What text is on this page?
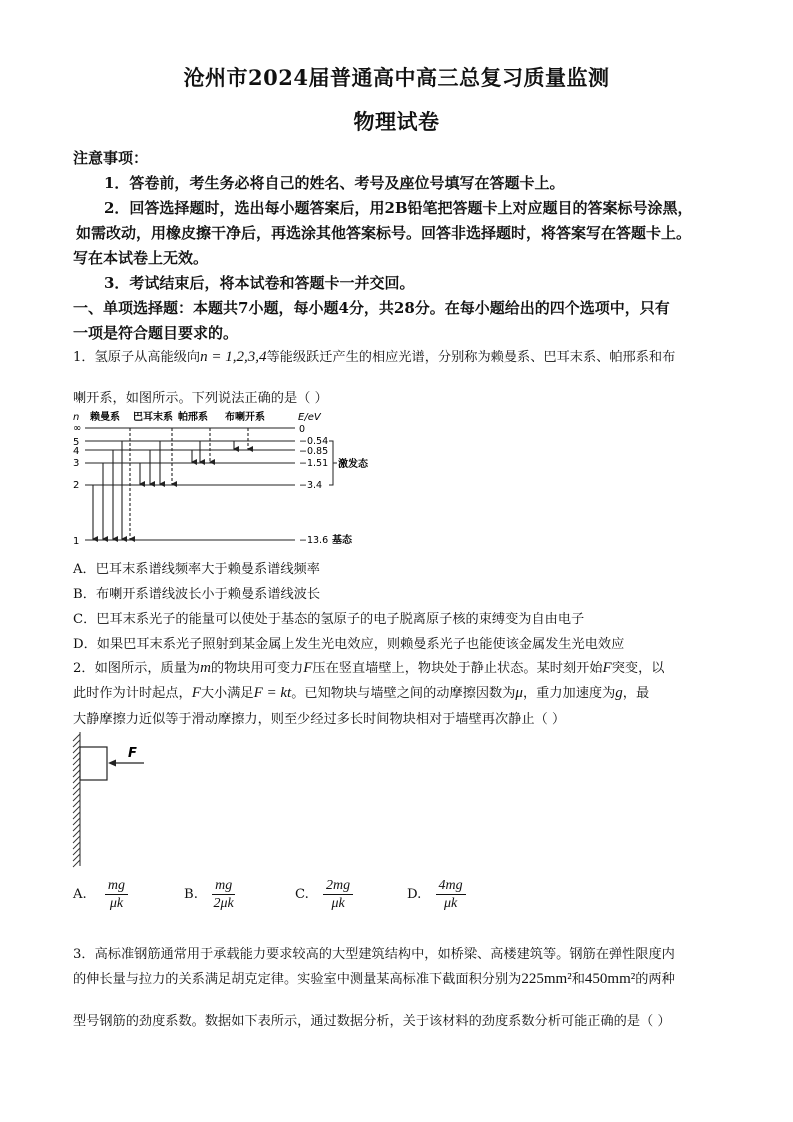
沧州市2024届普通高中高三总复习质量监测
物理试卷
注意事项：
1．答卷前，考生务必将自己的姓名、考号及座位号填写在答题卡上。
2．回答选择题时，选出每小题答案后，用2B铅笔把答题卡上对应题目的答案标号涂黑，
如需改动，用橡皮擦干净后，再选涂其他答案标号。回答非选择题时，将答案写在答题卡上。
写在本试卷上无效。
3．考试结束后，将本试卷和答题卡一并交回。
一、单项选择题：本题共7小题，每小题4分，共28分。在每小题给出的四个选项中，只有
一项是符合题目要求的。
1．氢原子从高能级向n = 1,2,3,4等能级跃迁产生的相应光谱，分别称为赖曼系、巴耳末系、帕邢系和布
喇开系，如图所示。下列说法正确的是（ ）
n 赖曼系 巴耳末系 帕邢系 布喇开系	E/eV
∞
5
4
3
2
1
0
−0.54
−0.85
−1.51
−3.4
−13.6
激发态
基态
A．巴耳末系谱线频率大于赖曼系谱线频率
B．布喇开系谱线波长小于赖曼系谱线波长
C．巴耳末系光子的能量可以使处于基态的氢原子的电子脱离原子核的束缚变为自由电子
D．如果巴耳末系光子照射到某金属上发生光电效应，则赖曼系光子也能使该金属发生光电效应
2．如图所示，质量为m的物块用可变力F压在竖直墙壁上，物块处于静止状态。某时刻开始F突变，以
此时作为计时起点，F大小满足F = kt。已知物块与墙壁之间的动摩擦因数为μ，重力加速度为g，最
大静摩擦力近似等于滑动摩擦力，则至少经过多长时间物块相对于墙壁再次静止（ ）
F
A. $\frac{mg}{\mu k}$	B. $\frac{mg}{2\mu k}$	C. $\frac{2mg}{\mu k}$	D. $\frac{4mg}{\mu k}$
3．高标准钢筋通常用于承载能力要求较高的大型建筑结构中，如桥梁、高楼建筑等。钢筋在弹性限度内
的伸长量与拉力的关系满足胡克定律。实验室中测量某高标准下截面积分别为225mm²和450mm²的两种
型号钢筋的劲度系数。数据如下表所示，通过数据分析，关于该材料的劲度系数分析可能正确的是（ ）
